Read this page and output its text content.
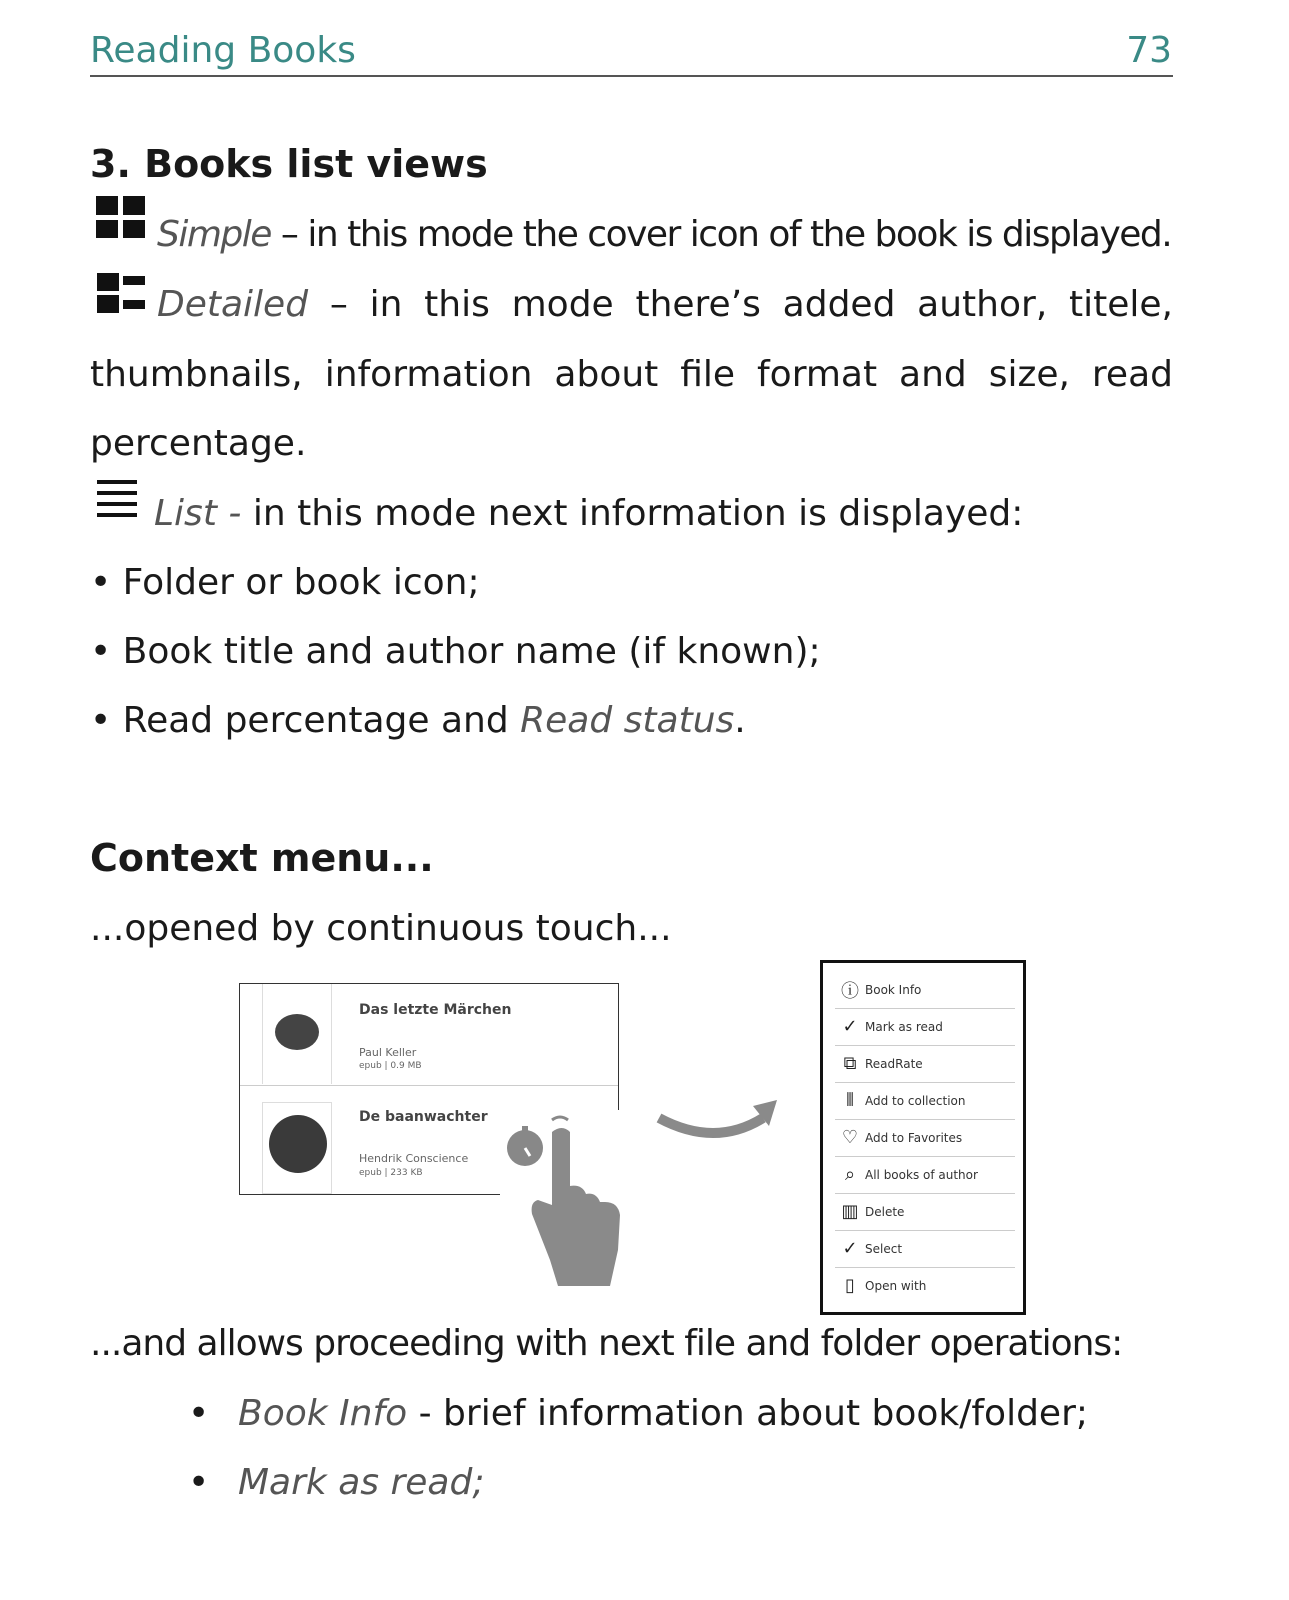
Reading Books	73
3. Books list views
Simple – in this mode the cover icon of the book is displayed.
Detailed – in this mode there’s added author, titele,
thumbnails, information about file format and size, read
percentage.
List - in this mode next information is displayed:
• Folder or book icon;
• Book title and author name (if known);
• Read percentage and Read status.
Context menu...
...opened by continuous touch...
Das letzte Märchen
Paul Keller
epub | 0.9 MB
De baanwachter
Hendrik Conscience
epub | 233 KB
ⓘ Book Info
✓ Mark as read
⧉ ReadRate
⫴ Add to collection
♡ Add to Favorites
⌕ All books of author
▥ Delete
✓ Select
▯ Open with
...and allows proceeding with next file and folder operations:
• Book Info - brief information about book/folder;
• Mark as read;
